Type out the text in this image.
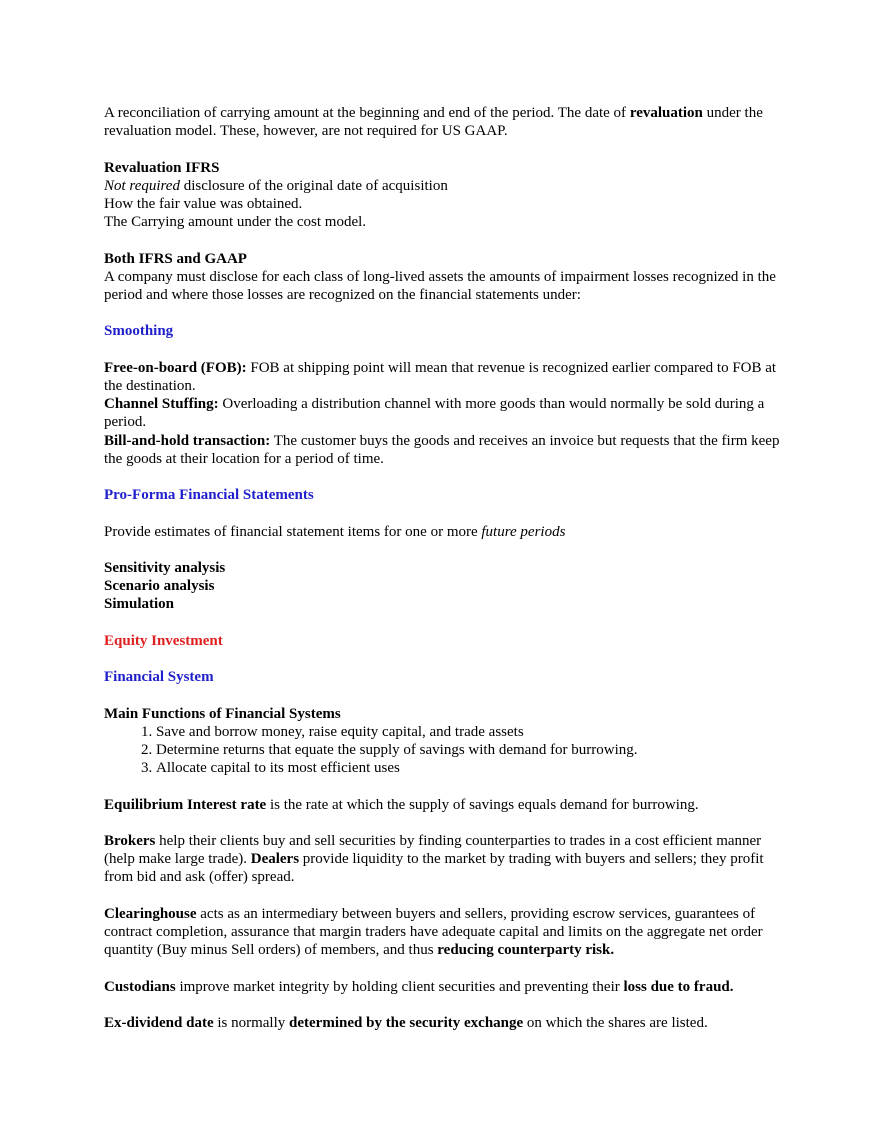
A reconciliation of carrying amount at the beginning and end of the period. The date of revaluation under the revaluation model. These, however, are not required for US GAAP.

Revaluation IFRS

Not required disclosure of the original date of acquisition

How the fair value was obtained.

The Carrying amount under the cost model.

Both IFRS and GAAP

A company must disclose for each class of long-lived assets the amounts of impairment losses recognized in the period and where those losses are recognized on the financial statements under:

Smoothing

Free-on-board (FOB): FOB at shipping point will mean that revenue is recognized earlier compared to FOB at the destination.

Channel Stuffing: Overloading a distribution channel with more goods than would normally be sold during a period.

Bill-and-hold transaction: The customer buys the goods and receives an invoice but requests that the firm keep the goods at their location for a period of time.

Pro-Forma Financial Statements

Provide estimates of financial statement items for one or more future periods

Sensitivity analysis

Scenario analysis

Simulation

Equity Investment

Financial System

Main Functions of Financial Systems

1. Save and borrow money, raise equity capital, and trade assets
2. Determine returns that equate the supply of savings with demand for burrowing.
3. Allocate capital to its most efficient uses

Equilibrium Interest rate is the rate at which the supply of savings equals demand for burrowing.

Brokers help their clients buy and sell securities by finding counterparties to trades in a cost efficient manner (help make large trade). Dealers provide liquidity to the market by trading with buyers and sellers; they profit from bid and ask (offer) spread.

Clearinghouse acts as an intermediary between buyers and sellers, providing escrow services, guarantees of contract completion, assurance that margin traders have adequate capital and limits on the aggregate net order quantity (Buy minus Sell orders) of members, and thus reducing counterparty risk.

Custodians improve market integrity by holding client securities and preventing their loss due to fraud.

Ex-dividend date is normally determined by the security exchange on which the shares are listed.
